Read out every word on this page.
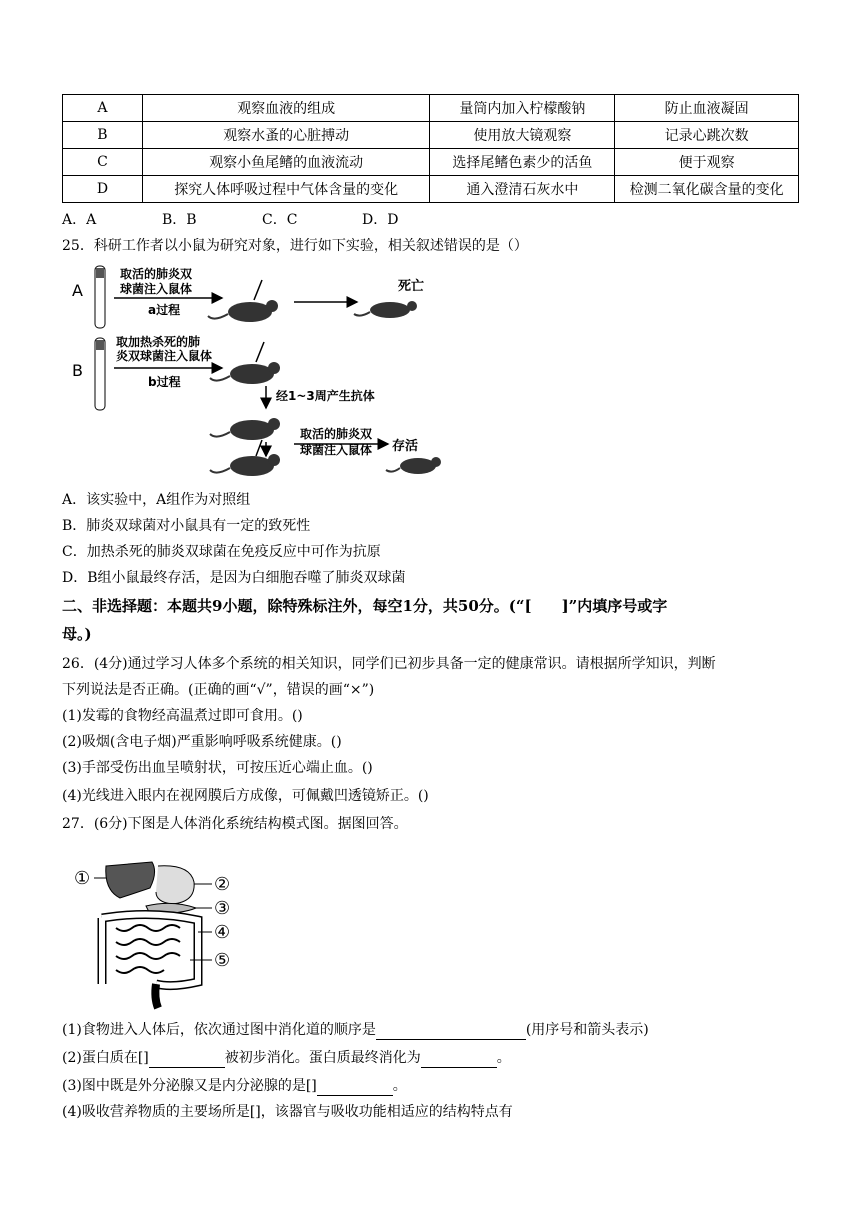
A	观察血液的组成	量筒内加入柠檬酸钠	防止血液凝固
B	观察水蚤的心脏搏动	使用放大镜观察	记录心跳次数
C	观察小鱼尾鳍的血液流动	选择尾鳍色素少的活鱼	便于观察
D	探究人体呼吸过程中气体含量的变化	通入澄清石灰水中	检测二氧化碳含量的变化
A．A	B．B	C．C	D．D
25．科研工作者以小鼠为研究对象，进行如下实验，相关叙述错误的是（）
A
取活的肺炎双
球菌注入鼠体
a过程
死亡
B
取加热杀死的肺
炎双球菌注入鼠体
b过程
经1~3周产生抗体
取活的肺炎双
球菌注入鼠体 存活
A．该实验中，A组作为对照组
B．肺炎双球菌对小鼠具有一定的致死性
C．加热杀死的肺炎双球菌在免疫反应中可作为抗原
D．B组小鼠最终存活，是因为白细胞吞噬了肺炎双球菌
二、非选择题：本题共9小题，除特殊标注外，每空1分，共50分。(“[　　]”内填序号或字
母。)
26．(4分)通过学习人体多个系统的相关知识，同学们已初步具备一定的健康常识。请根据所学知识，判断
下列说法是否正确。(正确的画“√”，错误的画“×”)
(1)发霉的食物经高温煮过即可食用。()
(2)吸烟(含电子烟)严重影响呼吸系统健康。()
(3)手部受伤出血呈喷射状，可按压近心端止血。()
(4)光线进入眼内在视网膜后方成像，可佩戴凹透镜矫正。()
27．(6分)下图是人体消化系统结构模式图。据图回答。
①	②
③
④
⑤
(1)食物进入人体后，依次通过图中消化道的顺序是	(用序号和箭头表示)
(2)蛋白质在[]	被初步消化。蛋白质最终消化为	。
(3)图中既是外分泌腺又是内分泌腺的是[]	。
(4)吸收营养物质的主要场所是[]，该器官与吸收功能相适应的结构特点有
